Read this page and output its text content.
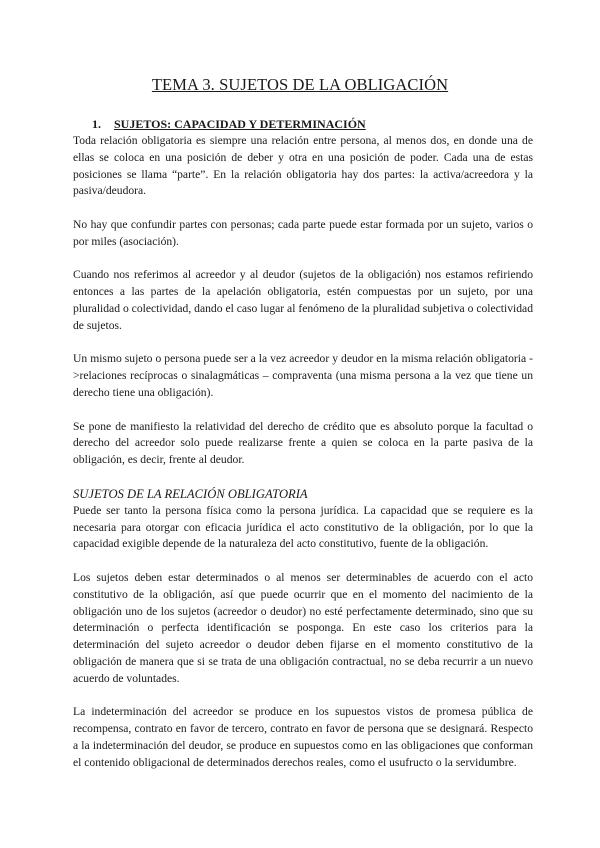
TEMA 3. SUJETOS DE LA OBLIGACIÓN
1. SUJETOS: CAPACIDAD Y DETERMINACIÓN

Toda relación obligatoria es siempre una relación entre persona, al menos dos, en donde una de ellas se coloca en una posición de deber y otra en una posición de poder. Cada una de estas posiciones se llama “parte”. En la relación obligatoria hay dos partes: la activa/acreedora y la pasiva/deudora.

No hay que confundir partes con personas; cada parte puede estar formada por un sujeto, varios o por miles (asociación).

Cuando nos referimos al acreedor y al deudor (sujetos de la obligación) nos estamos refiriendo entonces a las partes de la apelación obligatoria, estén compuestas por un sujeto, por una pluralidad o colectividad, dando el caso lugar al fenómeno de la pluralidad subjetiva o colectividad de sujetos.

Un mismo sujeto o persona puede ser a la vez acreedor y deudor en la misma relación obligatoria ->relaciones recíprocas o sinalagmáticas – compraventa (una misma persona a la vez que tiene un derecho tiene una obligación).

Se pone de manifiesto la relatividad del derecho de crédito que es absoluto porque la facultad o derecho del acreedor solo puede realizarse frente a quien se coloca en la parte pasiva de la obligación, es decir, frente al deudor.

SUJETOS DE LA RELACIÓN OBLIGATORIA

Puede ser tanto la persona física como la persona jurídica. La capacidad que se requiere es la necesaria para otorgar con eficacia jurídica el acto constitutivo de la obligación, por lo que la capacidad exigible depende de la naturaleza del acto constitutivo, fuente de la obligación.

Los sujetos deben estar determinados o al menos ser determinables de acuerdo con el acto constitutivo de la obligación, así que puede ocurrir que en el momento del nacimiento de la obligación uno de los sujetos (acreedor o deudor) no esté perfectamente determinado, sino que su determinación o perfecta identificación se posponga. En este caso los criterios para la determinación del sujeto acreedor o deudor deben fijarse en el momento constitutivo de la obligación de manera que si se trata de una obligación contractual, no se deba recurrir a un nuevo acuerdo de voluntades.

La indeterminación del acreedor se produce en los supuestos vistos de promesa pública de recompensa, contrato en favor de tercero, contrato en favor de persona que se designará. Respecto a la indeterminación del deudor, se produce en supuestos como en las obligaciones que conforman el contenido obligacional de determinados derechos reales, como el usufructo o la servidumbre.
